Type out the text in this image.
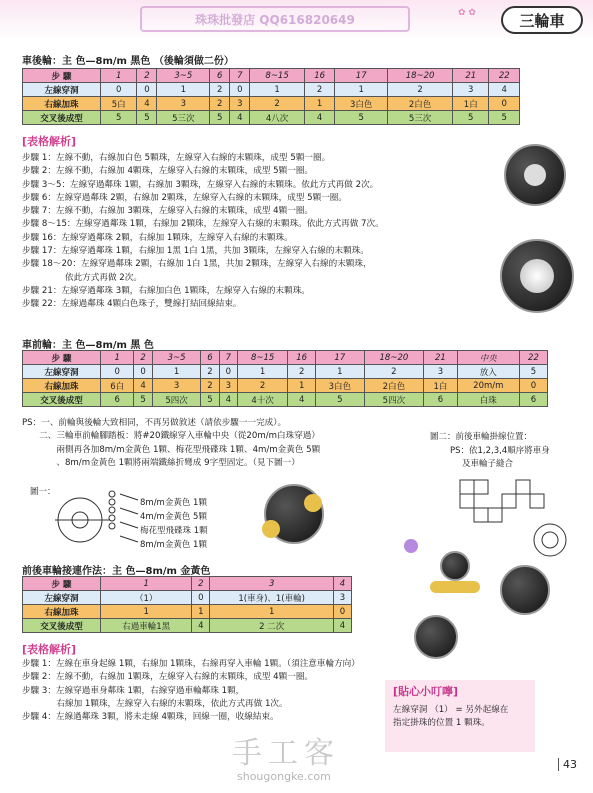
✿ ✿
珠珠批發店 QQ616820649	三輪車
車後輪：主 色—8m/m 黑色 （後輪須做二份）
步 驟	1	2	3~5	6	7	8~15	16	17	18~20	21	22
左線穿洞	0	0	1	2	0	1	2	1	2	3	4
右線加珠	5白	4	3	2	3	2	1	3白色	2白色	1白	0
交叉後成型	5	5	5三次	5	4	4八次	4	5	5三次	5	5
[ 表格解析 ]
步驟 1：左線不動，右線加白色 5顆珠，左線穿入右線的末顆珠，成型 5顆一圈。
步驟 2：左線不動，右線加 4顆珠，左線穿入右線的末顆珠，成型 5顆一圈。
步驟 3～5：左線穿過鄰珠 1顆，右線加 3顆珠，左線穿入右線的末顆珠。依此方式再做 2次。
步驟 6：左線穿過鄰珠 2顆，右線加 2顆珠，左線穿入右線的末顆珠，成型 5顆一圈。
步驟 7：左線不動，右線加 3顆珠，左線穿入右線的末顆珠，成型 4顆一圈。
步驟 8～15：左線穿過鄰珠 1顆，右線加 2顆珠，左線穿入右線的末顆珠。依此方式再做 7次。
步驟 16：左線穿過鄰珠 2顆，右線加 1顆珠，左線穿入右線的末顆珠。
步驟 17：左線穿過鄰珠 1顆，右線加 1黑 1白 1黑，共加 3顆珠，左線穿入右線的末顆珠。
步驟 18～20：左線穿過鄰珠 2顆，右線加 1白 1黑，共加 2顆珠，左線穿入右線的末顆珠，
　　　　　依此方式再做 2次。
步驟 21：左線穿過鄰珠 3顆，右線加白色 1顆珠，左線穿入右線的末顆珠。
步驟 22：左線過鄰珠 4顆白色珠子，雙線打結回線結束。
車前輪：主 色—8m/m 黑 色
步 驟	1	2	3~5	6	7	8~15	16	17	18~20	21	中央	22
左線穿洞	0	0	1	2	0	1	2	1	2	3	放入	5
右線加珠	6白	4	3	2	3	2	1	3白色	2白色	1白	20m/m	0
交叉後成型	6	5	5四次	5	4	4十次	4	5	5四次	6	白珠	6
PS：一、前輪與後輪大致相同，不再另做敘述（請依步驟一一完成）。
　　二、三輪車前輪腳踏板：將#20鐵線穿入車輪中央（從20m/m白珠穿過）
　　　　兩側再各加8m/m金黃色 1顆、梅花型飛碟珠 1顆、4m/m金黃色 5顆
　　　　、8m/m金黃色 1顆將兩端鐵絲折彎成 9字型固定。（見下圖一）
圖二：前後車輪掛線位置：
PS：依1,2,3,4順序將車身
及車輪子縫合
圖一：
8m/m金黃色 1顆
4m/m金黃色 5顆
梅花型飛碟珠 1顆
8m/m金黃色 1顆
前後車輪接連作法：主 色—8m/m 金黃色
步 驟	1	2	3	4
左線穿洞	（1）	0	1(車身)、1(車輪)	3
右線加珠	1	1	1	0
交叉後成型	右過車輪1黑	4	2 二次	4
[ 表格解析 ]
步驟 1：左線在車身起線 1顆，右線加 1顆珠，右線再穿入車輪 1顆。（須注意車輪方向）
步驟 2：左線不動，右線加 1顆珠，左線穿入右線的末顆珠，成型 4顆一圈。
步驟 3：左線穿過車身鄰珠 1顆，右線穿過車輪鄰珠 1顆，
　　　　右線加 1顆珠，左線穿入右線的末顆珠，依此方式再做 1次。
步驟 4：左線過鄰珠 3顆，將未走線 4顆珠，回線一圈，收線結束。
[貼心小叮嚀]
左線穿洞 （1） = 另外起線在
指定掛珠的位置 1 顆珠。
手工客
shougongke.com
43
